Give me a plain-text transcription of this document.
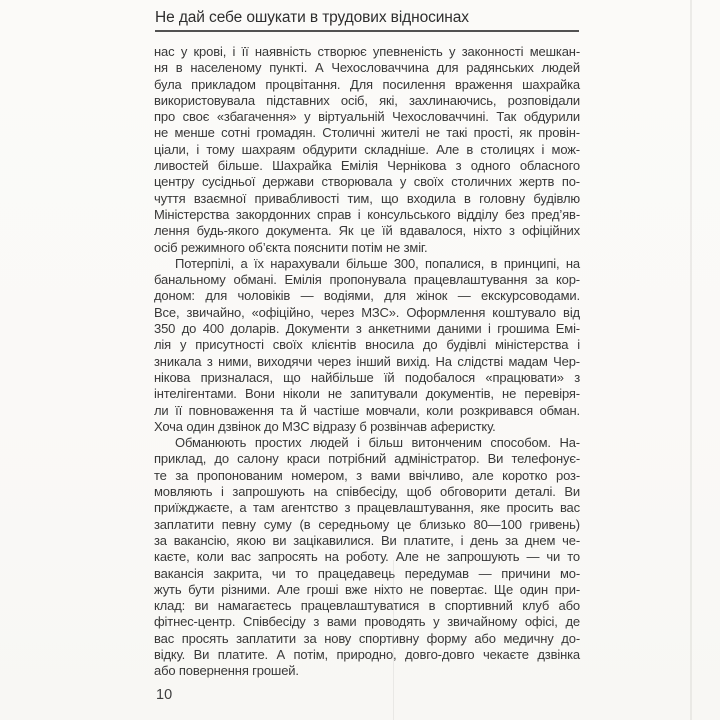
Не дай себе ошукати в трудових відносинах
нас у крові, і її наявність створює упевненість у законності мешкан-
ня в населеному пункті. А Чехословаччина для радянських людей
була прикладом процвітання. Для посилення враження шахрайка
використовувала підставних осіб, які, захлинаючись, розповідали
про своє «збагачення» у віртуальній Чехословаччині. Так обдурили
не менше сотні громадян. Столичні жителі не такі прості, як провін-
ціали, і тому шахраям обдурити складніше. Але в столицях і мож-
ливостей більше. Шахрайка Емілія Чернікова з одного обласного
центру сусідньої держави створювала у своїх столичних жертв по-
чуття взаємної привабливості тим, що входила в головну будівлю
Міністерства закордонних справ і консульського відділу без пред’яв-
лення будь-якого документа. Як це їй вдавалося, ніхто з офіційних
осіб режимного об’єкта пояснити потім не зміг.
Потерпілі, а їх нарахували більше 300, попалися, в принципі, на
банальному обмані. Емілія пропонувала працевлаштування за кор-
доном: для чоловіків — водіями, для жінок — екскурсоводами.
Все, звичайно, «офіційно, через МЗС». Оформлення коштувало від
350 до 400 доларів. Документи з анкетними даними і грошима Емі-
лія у присутності своїх клієнтів вносила до будівлі міністерства і
зникала з ними, виходячи через інший вихід. На слідстві мадам Чер-
нікова призналася, що найбільше їй подобалося «працювати» з
інтелігентами. Вони ніколи не запитували документів, не перевіря-
ли її повноваження та й частіше мовчали, коли розкривався обман.
Хоча один дзвінок до МЗС відразу б розвінчав аферистку.
Обманюють простих людей і більш витонченим способом. На-
приклад, до салону краси потрібний адміністратор. Ви телефонує-
те за пропонованим номером, з вами ввічливо, але коротко роз-
мовляють і запрошують на співбесіду, щоб обговорити деталі. Ви
приїжджаєте, а там агентство з працевлаштування, яке просить вас
заплатити певну суму (в середньому це близько 80—100 гривень)
за вакансію, якою ви зацікавилися. Ви платите, і день за днем че-
каєте, коли вас запросять на роботу. Але не запрошують — чи то
вакансія закрита, чи то працедавець передумав — причини мо-
жуть бути різними. Але гроші вже ніхто не повертає. Ще один при-
клад: ви намагаєтесь працевлаштуватися в спортивний клуб або
фітнес-центр. Співбесіду з вами проводять у звичайному офісі, де
вас просять заплатити за нову спортивну форму або медичну до-
відку. Ви платите. А потім, природно, довго-довго чекаєте дзвінка
або повернення грошей.
10
